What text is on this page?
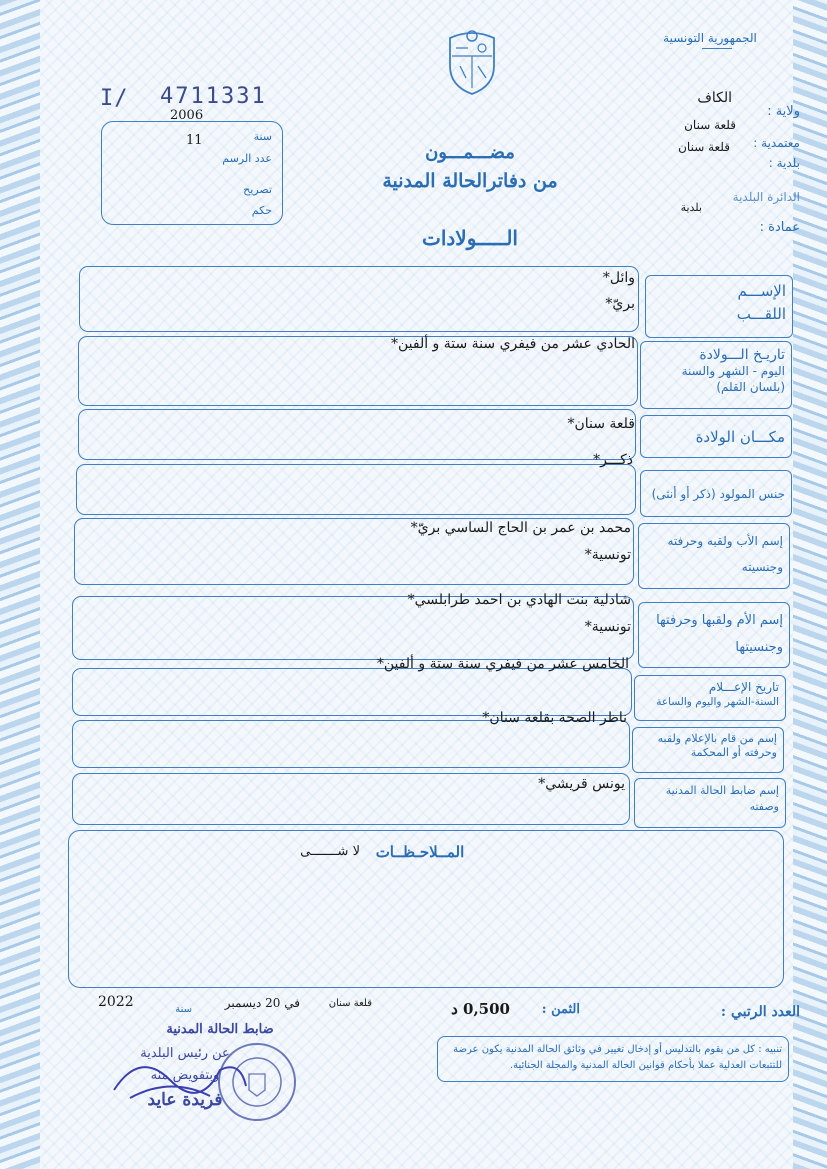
الجمهورية التونسية
ولاية :
الكاف
قلعة سنان
معتمدية :
قلعة سنان
بلدية :
الدائرة البلدية
بلدية
عمادة :
I/ 4711331
2006
سنة
11
عدد الرسم
تصريح
حكم
مضـــمـــون
من دفاترالحالة المدنية
الـــــولادات
الإســـم
اللقـــب
وائل*
بريّ*
تاريـخ الـــولادة
اليوم - الشهر والسنة
(بلسان القلم)
الحادي عشر من فيفري سنة ستة و ألفين*
مكـــان الولادة
قلعة سنان*
جنس المولود (ذكر أو أنثى)
ذكـــر*
إسم الأب ولقبه وحرفته
وجنسيته
محمد بن عمر بن الحاج الساسي بريّ*
تونسية*
إسم الأم ولقبها وحرفتها
وجنسيتها
شادلية بنت الهادي بن احمد طرابلسي*
تونسية*
تاريخ الإعـــلام
السنة-الشهر واليوم والساعة
الخامس عشر من فيفري سنة ستة و ألفين*
إسم من قام بالإعلام ولقبه
وحرفته أو المحكمة
ناظر الصحة بقلعة سنان*
إسم ضابط الحالة المدنية
وصفته
يونس قريشي*
المــلاحـظــات
لا شـــــــى
العدد الرتبي :
الثمن :
0,500 د
قلعة سنان
في 20 ديسمبر
سنة
2022
تنبيه : كل من يقوم بالتدليس أو إدخال تغيير في وثائق الحالة المدنية يكون عرضة للتتبعات العدلية عملا بأحكام قوانين الحالة المدنية والمجلة الجنائية.
ضابط الحالة المدنية
عن رئيس البلدية
وبتفويض منه
فريدة عايد
